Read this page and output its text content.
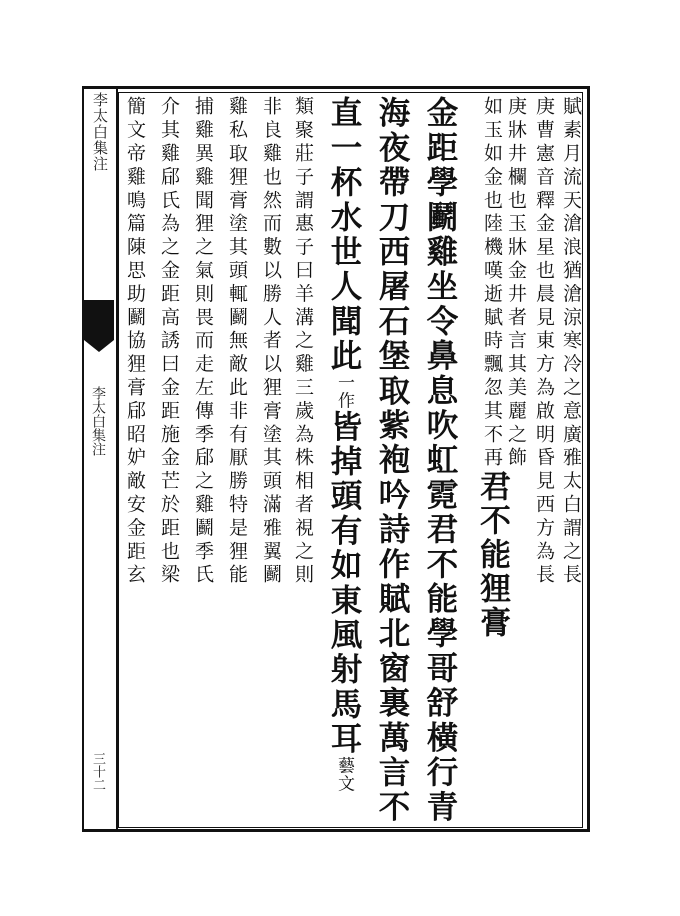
李太白集注
李太白集注
三十二
賦素月流天滄浪猶滄涼寒冷之意廣雅太白謂之長
庚曹憲音釋金星也晨見東方為啟明昏見西方為長
庚牀井欄也玉牀金井者言其美麗之飾
如玉如金也陸機嘆逝賦時飄忽其不再君不能狸膏
金距學鬬雞坐令鼻息吹虹霓君不能學哥舒橫行青
海夜帶刀西屠石堡取紫袍吟詩作賦北窗裏萬言不
直一杯水世人聞此一作皆掉頭有如東風射馬耳藝文
類聚莊子謂惠子曰羊溝之雞三歲為株相者視之則
非良雞也然而數以勝人者以狸膏塗其頭滿雅翼鬬
雞私取狸膏塗其頭輒鬬無敵此非有厭勝特是狸能
捕雞異雞聞狸之氣則畏而走左傳季郈之雞鬬季氏
介其雞郈氏為之金距高誘曰金距施金芒於距也梁
簡文帝雞鳴篇陳思助鬬協狸膏郈昭妒敵安金距玄
